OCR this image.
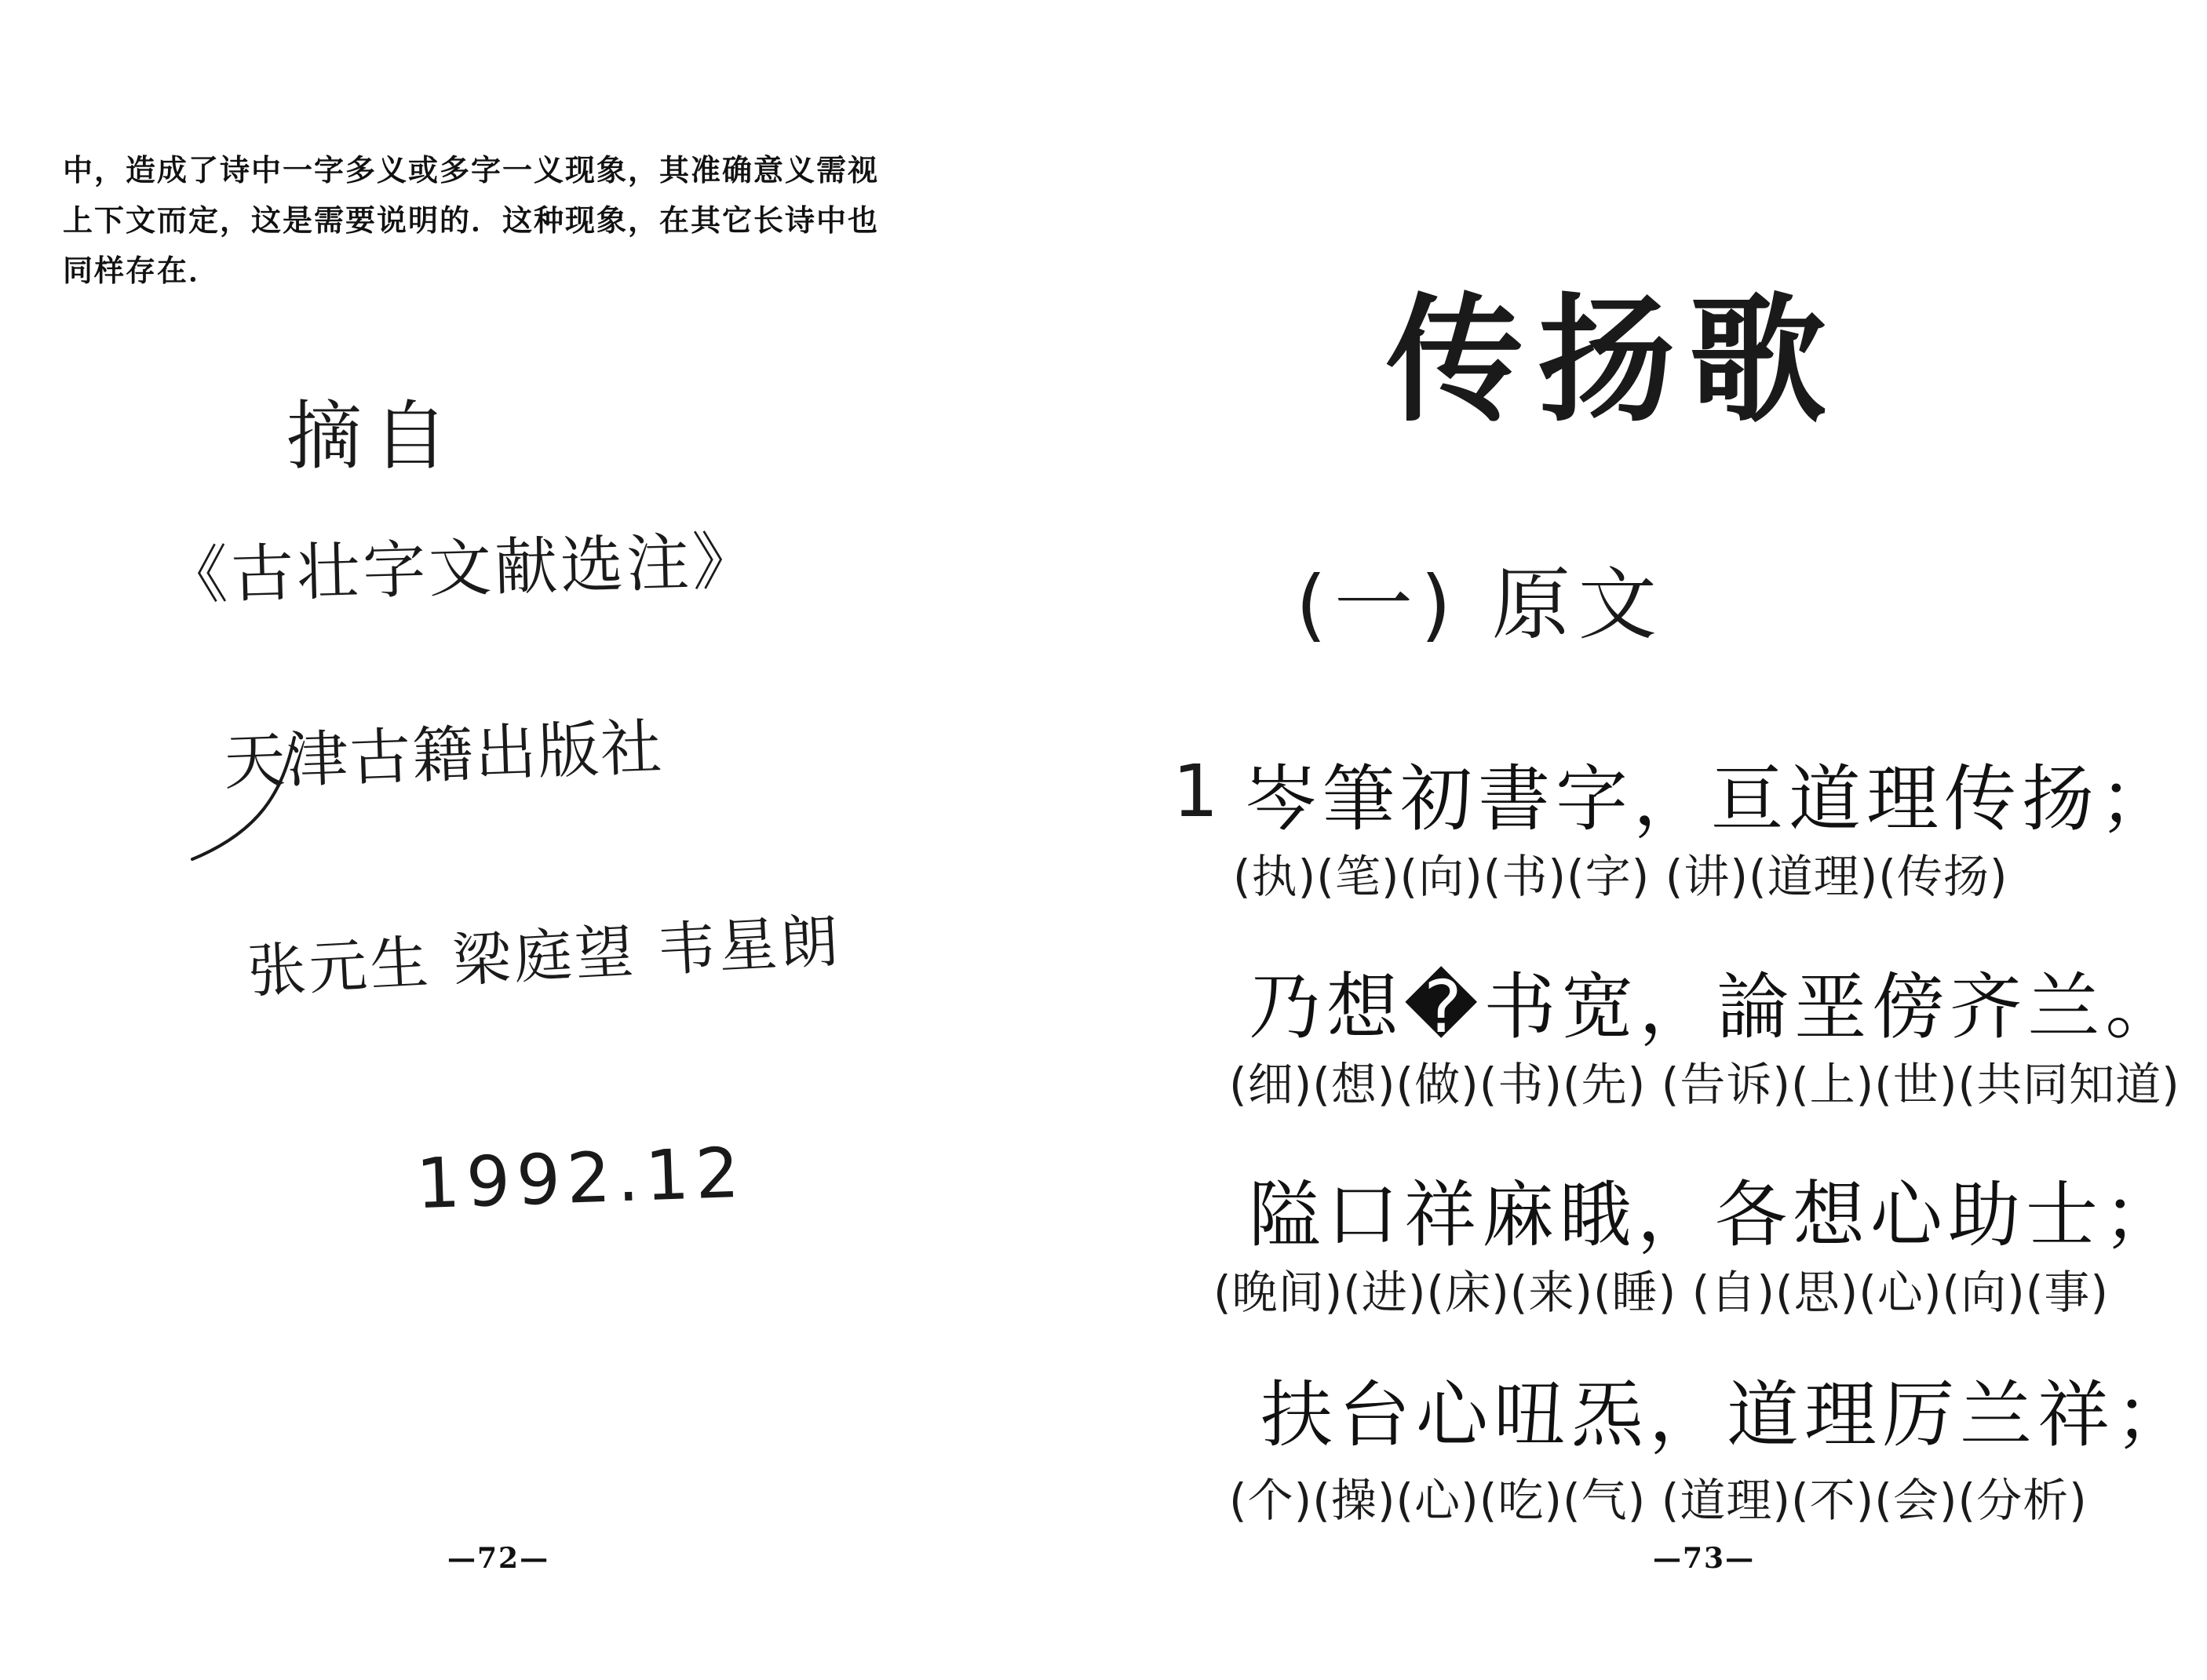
中，造成了诗中一字多义或多字一义现象，其准确意义需视
上下文而定，这是需要说明的．这种现象，在其它长诗中也
同样存在．

摘自

《古壮字文献选注》

天津古籍出版社

张元生 梁庭望 韦星朗

1992.12

—72—

传扬歌

(一) 原文

1 岑筆初書字，亘道理传扬；

(执)(笔)(向)(书)(字) (讲)(道理)(传扬)

乃想�书宽，論垩傍齐兰。

(细)(想)(做)(书)(先) (告诉)(上)(世)(共同知道)

隘口祥麻睋，各想心助士；

(晚间)(进)(床)(来)(睡) (自)(思)(心)(向)(事)

扶台心吜炁，道理厉兰祥；

(个)(操)(心)(吃)(气) (道理)(不)(会)(分析)

—73—
